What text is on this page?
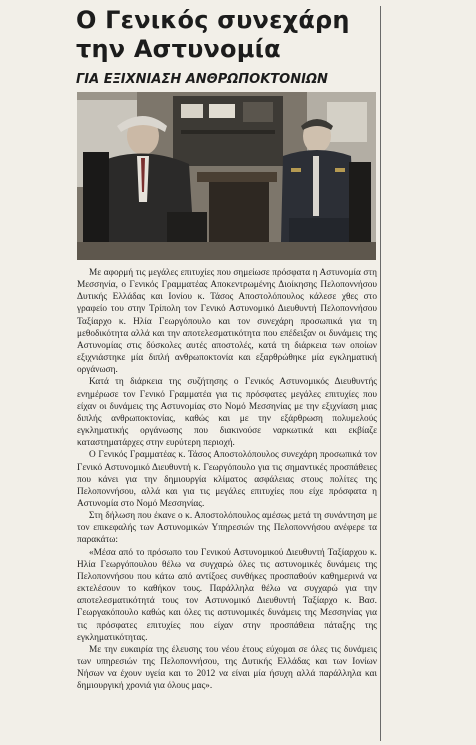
Ο Γενικός συνεχάρη
την Αστυνομία
ΓΙΑ ΕΞΙΧΝΙΑΣΗ ΑΝΘΡΩΠΟΚΤΟΝΙΩΝ

Με αφορμή τις μεγάλες επιτυχίες που σημείωσε πρόσφατα η Αστυνομία στη Μεσσηνία, ο Γενικός Γραμματέας Αποκεντρωμένης Διοίκησης Πελοποννήσου Δυτικής Ελλάδας και Ιονίου κ. Τάσος Αποστολόπουλος κάλεσε χθες στο γραφείο του στην Τρίπολη τον Γενικό Αστυνομικό Διευθυντή Πελοποννήσου Ταξίαρχο κ. Ηλία Γεωργόπουλο και τον συνεχάρη προσωπικά για τη μεθοδικότητα αλλά και την αποτελεσματικότητα που επέδειξαν οι δυνάμεις της Αστυνομίας στις δύσκολες αυτές αποστολές, κατά τη διάρκεια των οποίων εξιχνιάστηκε μία διπλή ανθρωποκτονία και εξαρθρώθηκε μία εγκληματική οργάνωση.

Κατά τη διάρκεια της συζήτησης ο Γενικός Αστυνομικός Διευθυντής ενημέρωσε τον Γενικό Γραμματέα για τις πρόσφατες μεγάλες επιτυχίες που είχαν οι δυνάμεις της Αστυνομίας στο Νομό Μεσσηνίας με την εξιχνίαση μιας διπλής ανθρωποκτονίας, καθώς και με την εξάρθρωση πολυμελούς εγκληματικής οργάνωσης που διακινούσε ναρκωτικά και εκβίαζε καταστηματάρχες στην ευρύτερη περιοχή.

Ο Γενικός Γραμματέας κ. Τάσος Αποστολόπουλος συνεχάρη προσωπικά τον Γενικό Αστυνομικό Διευθυντή κ. Γεωργόπουλο για τις σημαντικές προσπάθειες που κάνει για την δημιουργία κλίματος ασφάλειας στους πολίτες της Πελοποννήσου, αλλά και για τις μεγάλες επιτυχίες που είχε πρόσφατα η Αστυνομία στο Νομό Μεσσηνίας.

Στη δήλωση που έκανε ο κ. Αποστολόπουλος αμέσως μετά τη συνάντηση με τον επικεφαλής των Αστυνομικών Υπηρεσιών της Πελοποννήσου ανέφερε τα παρακάτω:

«Μέσα από το πρόσωπο του Γενικού Αστυνομικού Διευθυντή Ταξίαρχου κ. Ηλία Γεωργόπουλου θέλω να συγχαρώ όλες τις αστυνομικές δυνάμεις της Πελοποννήσου που κάτω από αντίξοες συνθήκες προσπαθούν καθημερινά να εκτελέσουν το καθήκον τους. Παράλληλα θέλω να συγχαρώ για την αποτελεσματικότητά τους τον Αστυνομικό Διευθυντή Ταξίαρχο κ. Βασ. Γεωργακόπουλο καθώς και όλες τις αστυνομικές δυνάμεις της Μεσσηνίας για τις πρόσφατες επιτυχίες που είχαν στην προσπάθεια πάταξης της εγκληματικότητας.

Με την ευκαιρία της έλευσης του νέου έτους εύχομαι σε όλες τις δυνάμεις των υπηρεσιών της Πελοποννήσου, της Δυτικής Ελλάδας και των Ιονίων Νήσων να έχουν υγεία και το 2012 να είναι μία ήσυχη αλλά παράλληλα και δημιουργική χρονιά για όλους μας».
